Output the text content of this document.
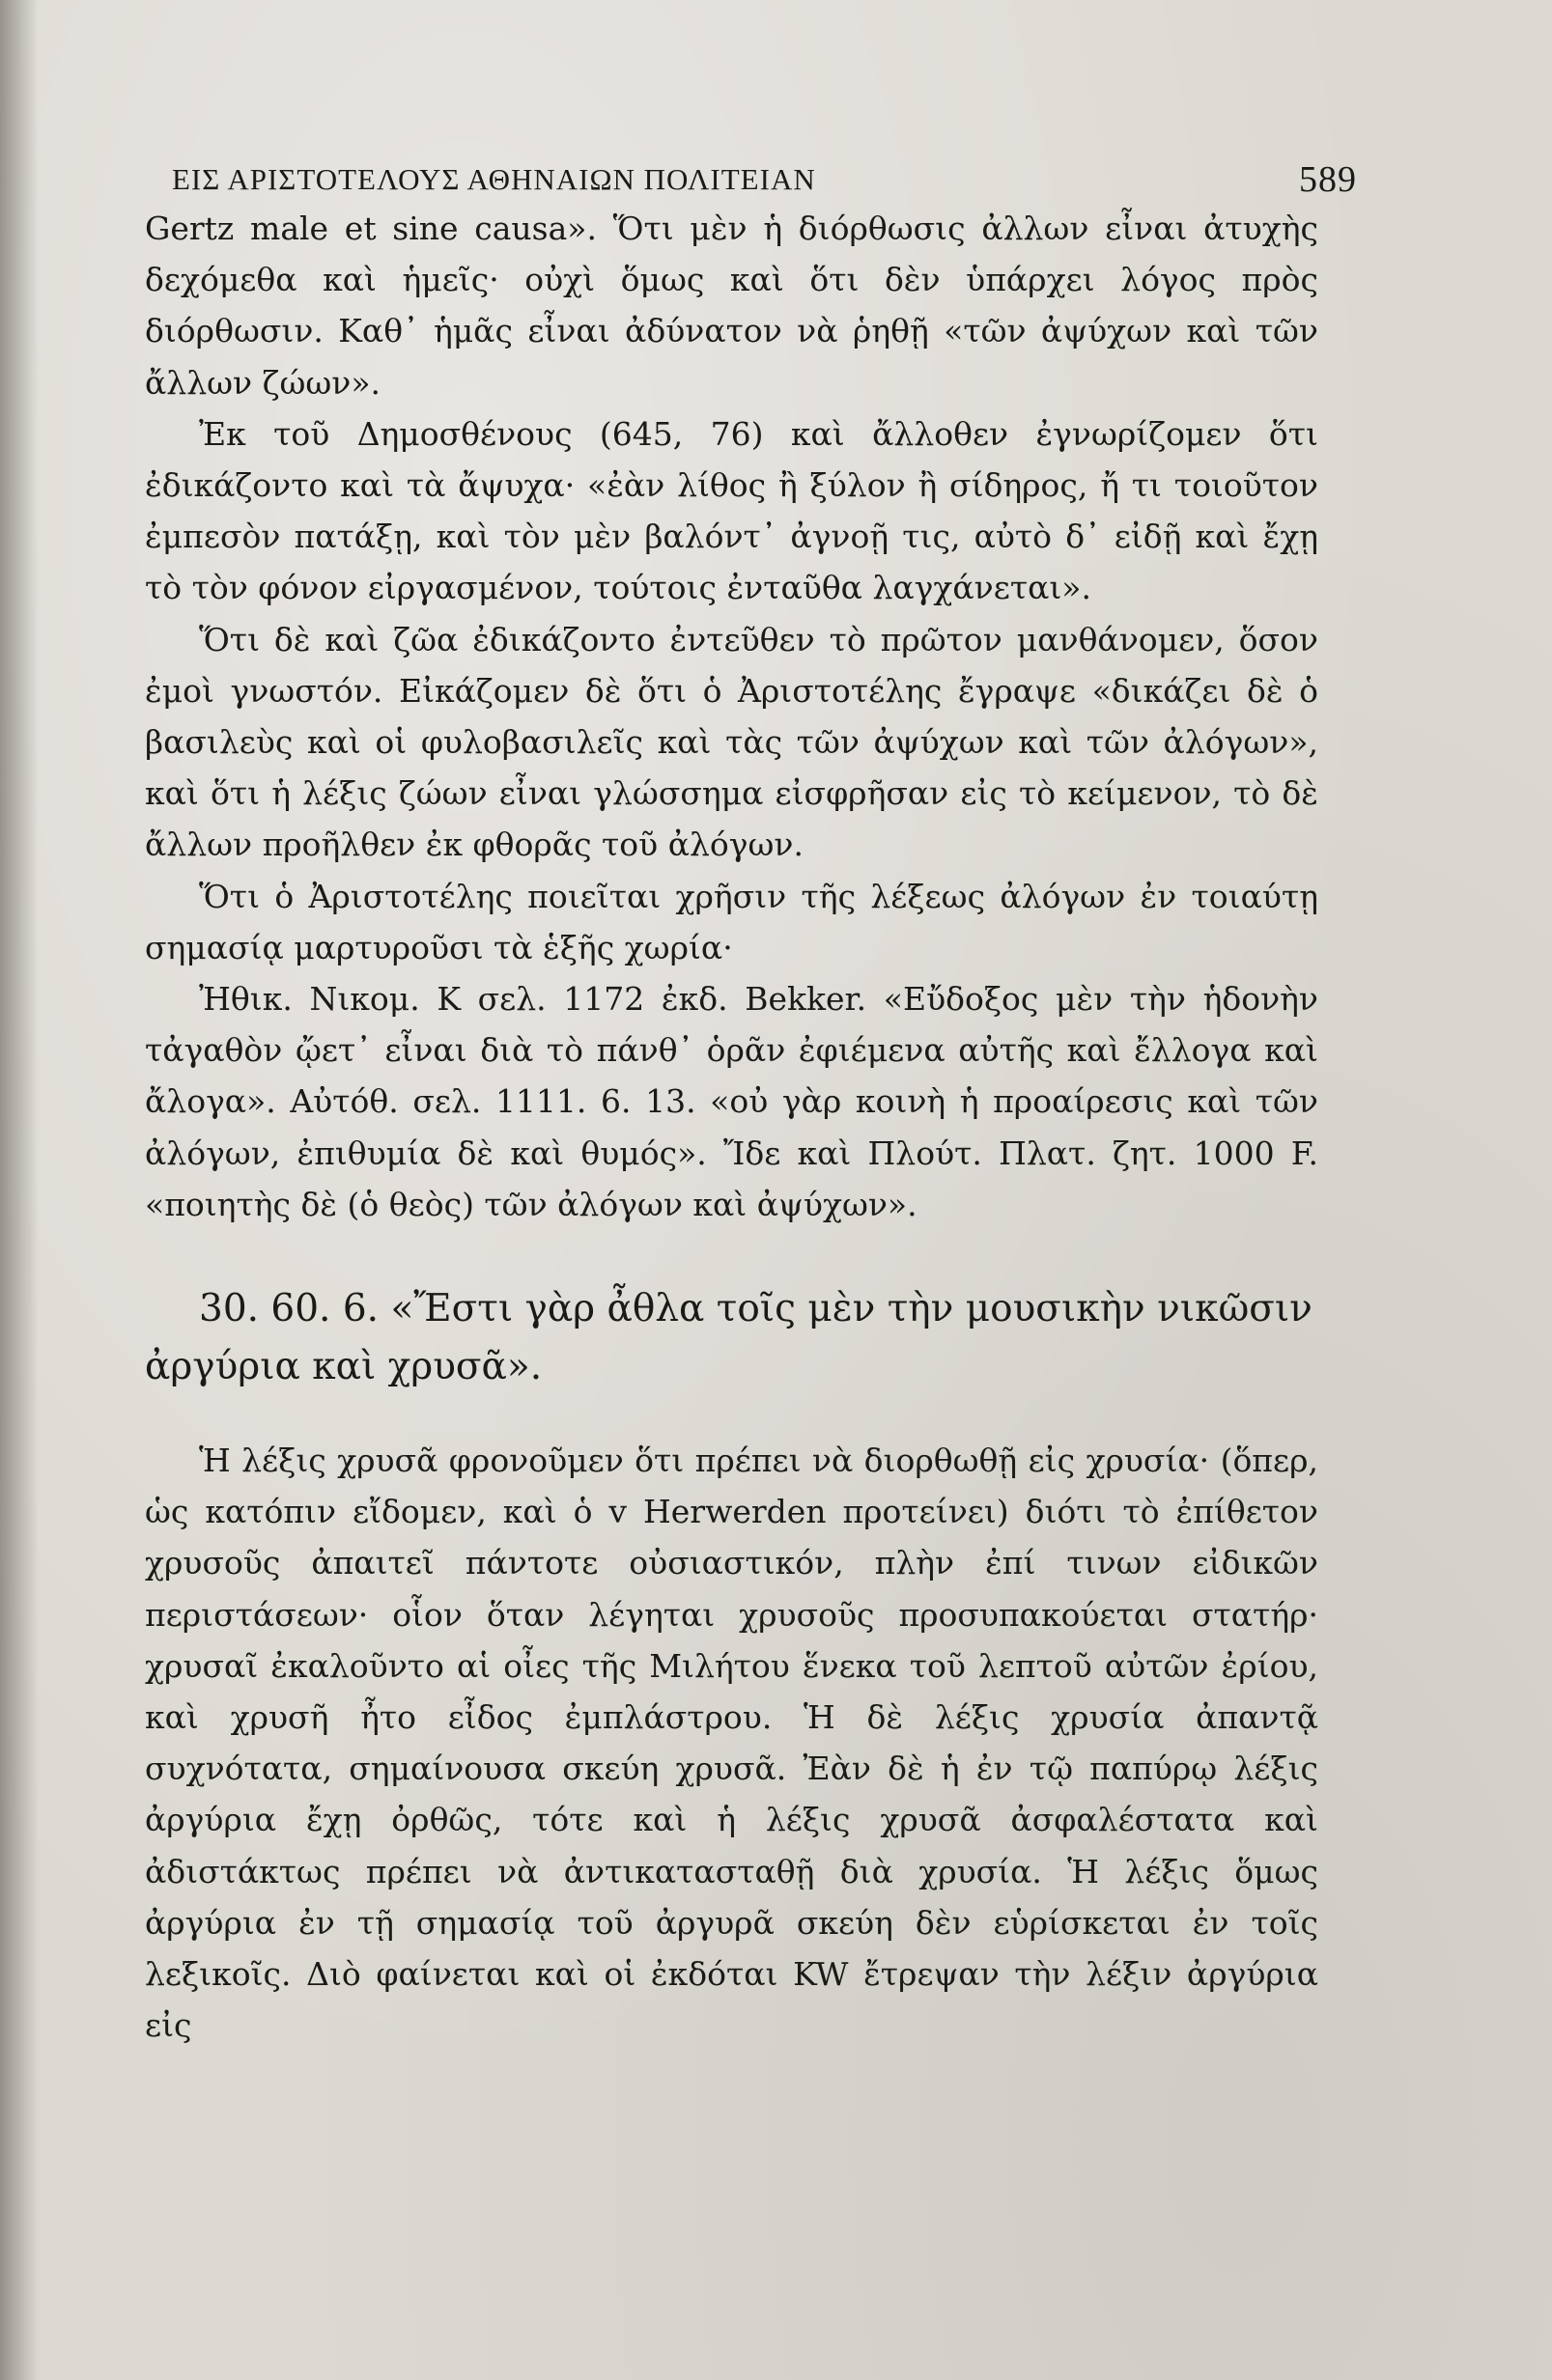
ΕΙΣ ΑΡΙΣΤΟΤΕΛΟΥΣ ΑΘΗΝΑΙΩΝ ΠΟΛΙΤΕΙΑΝ	589

Gertz male et sine causa». Ὅτι μὲν ἡ διόρθωσις ἀλλων εἶναι ἀτυχὴς δεχόμεθα καὶ ἡμεῖς· οὐχὶ ὅμως καὶ ὅτι δὲν ὑπάρχει λόγος πρὸς διόρθωσιν. Καθ᾽ ἡμᾶς εἶναι ἀδύνατον νὰ ῥηθῇ «τῶν ἀψύχων καὶ τῶν ἄλλων ζώων».

Ἐκ τοῦ Δημοσθένους (645, 76) καὶ ἄλλοθεν ἐγνωρίζομεν ὅτι ἐδικάζοντο καὶ τὰ ἄψυχα· «ἐὰν λίθος ἢ ξύλον ἢ σίδηρος, ἤ τι τοιοῦτον ἐμπεσὸν πατάξῃ, καὶ τὸν μὲν βαλόντ᾽ ἀγνοῇ τις, αὐτὸ δ᾽ εἰδῇ καὶ ἔχῃ τὸ τὸν φόνον εἰργασμένον, τούτοις ἐνταῦθα λαγχάνεται».

Ὅτι δὲ καὶ ζῶα ἐδικάζοντο ἐντεῦθεν τὸ πρῶτον μανθάνομεν, ὅσον ἐμοὶ γνωστόν. Εἰκάζομεν δὲ ὅτι ὁ Ἀριστοτέλης ἔγραψε «δικάζει δὲ ὁ βασιλεὺς καὶ οἱ φυλοβασιλεῖς καὶ τὰς τῶν ἀψύχων καὶ τῶν ἀλόγων», καὶ ὅτι ἡ λέξις ζώων εἶναι γλώσσημα εἰσφρῆσαν εἰς τὸ κείμενον, τὸ δὲ ἄλλων προῆλθεν ἐκ φθορᾶς τοῦ ἀλόγων.

Ὅτι ὁ Ἀριστοτέλης ποιεῖται χρῆσιν τῆς λέξεως ἀλόγων ἐν τοιαύτῃ σημασίᾳ μαρτυροῦσι τὰ ἑξῆς χωρία·

Ἠθικ. Νικομ. Κ σελ. 1172 ἐκδ. Bekker. «Εὔδοξος μὲν τὴν ἡδονὴν τἀγαθὸν ᾤετ᾽ εἶναι διὰ τὸ πάνθ᾽ ὁρᾶν ἐφιέμενα αὐτῆς καὶ ἔλλογα καὶ ἄλογα». Αὐτόθ. σελ. 1111. 6. 13. «οὐ γὰρ κοινὴ ἡ προαίρεσις καὶ τῶν ἀλόγων, ἐπιθυμία δὲ καὶ θυμός». Ἴδε καὶ Πλούτ. Πλατ. ζητ. 1000 F. «ποιητὴς δὲ (ὁ θεὸς) τῶν ἀλόγων καὶ ἀψύχων».

30. 60. 6. «Ἔστι γὰρ ἆθλα τοῖς μὲν τὴν μουσικὴν νικῶσιν ἀργύρια καὶ χρυσᾶ».

Ἡ λέξις χρυσᾶ φρονοῦμεν ὅτι πρέπει νὰ διορθωθῇ εἰς χρυσία· (ὅπερ, ὡς κατόπιν εἴδομεν, καὶ ὁ v Herwerden προτείνει) διότι τὸ ἐπίθετον χρυσοῦς ἀπαιτεῖ πάντοτε οὐσιαστικόν, πλὴν ἐπί τινων εἰδικῶν περιστάσεων· οἷον ὅταν λέγηται χρυσοῦς προσυπακούεται στατήρ· χρυσαῖ ἐκαλοῦντο αἱ οἶες τῆς Μιλήτου ἕνεκα τοῦ λεπτοῦ αὐτῶν ἐρίου, καὶ χρυσῆ ἦτο εἶδος ἐμπλάστρου. Ἡ δὲ λέξις χρυσία ἀπαντᾷ συχνότατα, σημαίνουσα σκεύη χρυσᾶ. Ἐὰν δὲ ἡ ἐν τῷ παπύρῳ λέξις ἀργύρια ἔχῃ ὀρθῶς, τότε καὶ ἡ λέξις χρυσᾶ ἀσφαλέστατα καὶ ἀδιστάκτως πρέπει νὰ ἀντικατασταθῇ διὰ χρυσία. Ἡ λέξις ὅμως ἀργύρια ἐν τῇ σημασίᾳ τοῦ ἀργυρᾶ σκεύη δὲν εὑρίσκεται ἐν τοῖς λεξικοῖς. Διὸ φαίνεται καὶ οἱ ἐκδόται KW ἔτρεψαν τὴν λέξιν ἀργύρια εἰς
